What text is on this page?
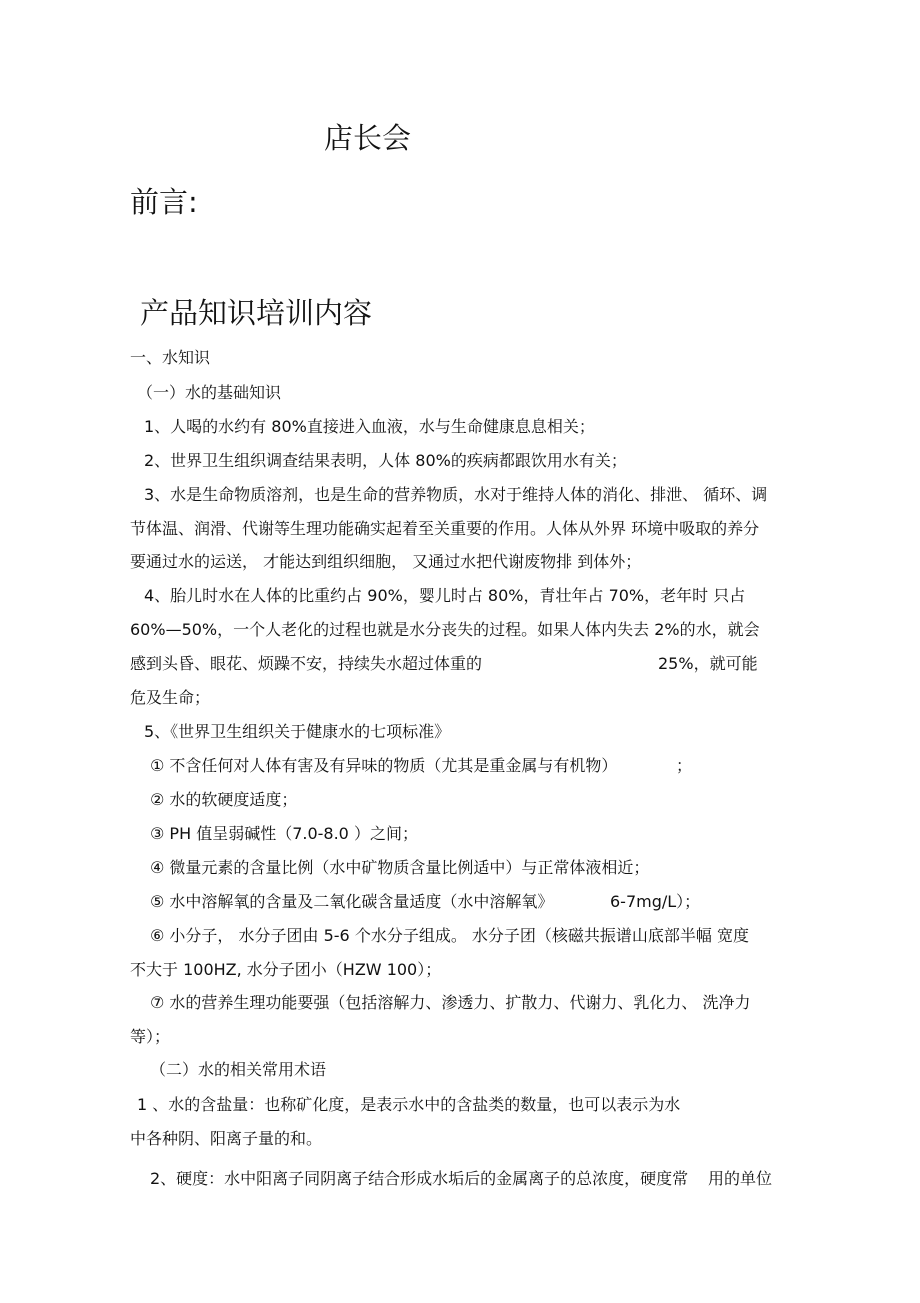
店长会
前言:
产品知识培训内容
一、水知识
（一）水的基础知识
1、人喝的水约有 80%直接进入血液，水与生命健康息息相关；
2、世界卫生组织调查结果表明，人体 80%的疾病都跟饮用水有关；
3、水是生命物质溶剂，也是生命的营养物质，水对于维持人体的消化、排泄、 循环、调
节体温、润滑、代谢等生理功能确实起着至关重要的作用。人体从外界 环境中吸取的养分
要通过水的运送， 才能达到组织细胞， 又通过水把代谢废物排 到体外；
4、胎儿时水在人体的比重约占 90%，婴儿时占 80%，青壮年占 70%，老年时 只占
60%—50%，一个人老化的过程也就是水分丧失的过程。如果人体内失去 2%的水，就会
感到头昏、眼花、烦躁不安，持续失水超过体重的	25%，就可能
危及生命；
5、《世界卫生组织关于健康水的七项标准》
① 不含任何对人体有害及有异味的物质（尤其是重金属与有机物）	；
② 水的软硬度适度；
③ PH 值呈弱碱性（7.0-8.0 ）之间；
④ 微量元素的含量比例（水中矿物质含量比例适中）与正常体液相近；
⑤ 水中溶解氧的含量及二氧化碳含量适度（水中溶解氧》	6-7mg/L）；
⑥ 小分子， 水分子团由 5-6 个水分子组成。 水分子团（核磁共振谱山底部半幅 宽度
不大于 100HZ, 水分子团小（HZW 100）；
⑦ 水的营养生理功能要强（包括溶解力、渗透力、扩散力、代谢力、乳化力、 洗净力
等）；
（二）水的相关常用术语
1 、水的含盐量：也称矿化度，是表示水中的含盐类的数量，也可以表示为水
中各种阴、阳离子量的和。
2、硬度：水中阳离子同阴离子结合形成水垢后的金属离子的总浓度，硬度常 用的单位
